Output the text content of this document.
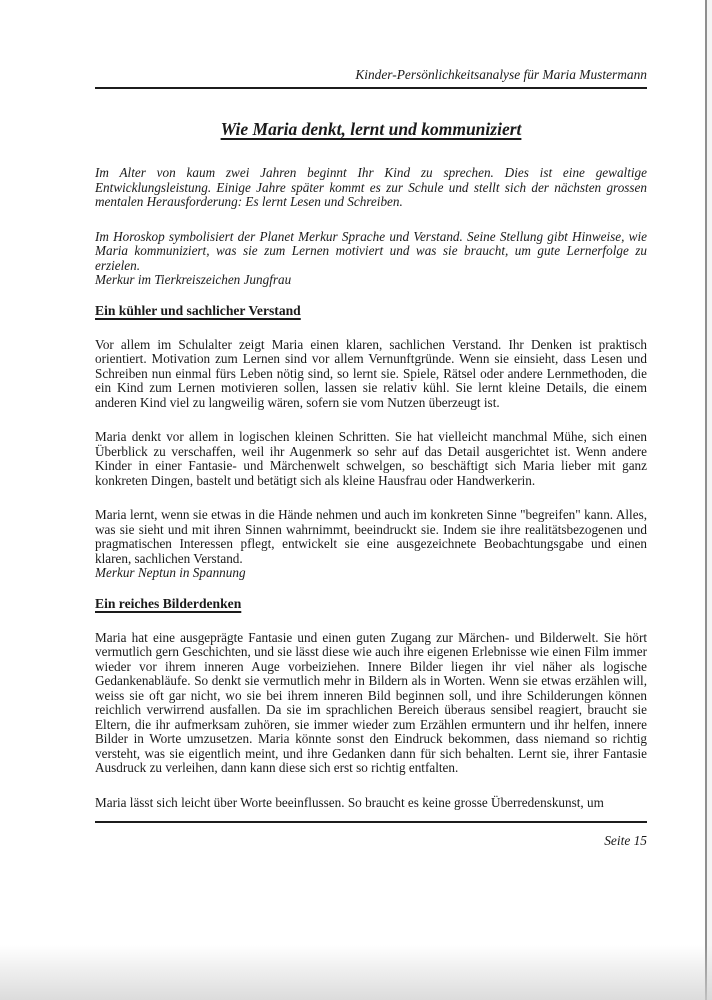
Kinder-Persönlichkeitsanalyse für Maria Mustermann
Wie Maria denkt, lernt und kommuniziert

Im Alter von kaum zwei Jahren beginnt Ihr Kind zu sprechen. Dies ist eine gewaltige Entwicklungsleistung. Einige Jahre später kommt es zur Schule und stellt sich der nächsten grossen mentalen Herausforderung: Es lernt Lesen und Schreiben.

Im Horoskop symbolisiert der Planet Merkur Sprache und Verstand. Seine Stellung gibt Hinweise, wie Maria kommuniziert, was sie zum Lernen motiviert und was sie braucht, um gute Lernerfolge zu erzielen.

Merkur im Tierkreiszeichen Jungfrau

Ein kühler und sachlicher Verstand

Vor allem im Schulalter zeigt Maria einen klaren, sachlichen Verstand. Ihr Denken ist praktisch orientiert. Motivation zum Lernen sind vor allem Vernunftgründe. Wenn sie einsieht, dass Lesen und Schreiben nun einmal fürs Leben nötig sind, so lernt sie. Spiele, Rätsel oder andere Lernmethoden, die ein Kind zum Lernen motivieren sollen, lassen sie relativ kühl. Sie lernt kleine Details, die einem anderen Kind viel zu langweilig wären, sofern sie vom Nutzen überzeugt ist.

Maria denkt vor allem in logischen kleinen Schritten. Sie hat vielleicht manchmal Mühe, sich einen Überblick zu verschaffen, weil ihr Augenmerk so sehr auf das Detail ausgerichtet ist. Wenn andere Kinder in einer Fantasie- und Märchenwelt schwelgen, so beschäftigt sich Maria lieber mit ganz konkreten Dingen, bastelt und betätigt sich als kleine Hausfrau oder Handwerkerin.

Maria lernt, wenn sie etwas in die Hände nehmen und auch im konkreten Sinne "begreifen" kann. Alles, was sie sieht und mit ihren Sinnen wahrnimmt, beeindruckt sie. Indem sie ihre realitätsbezogenen und pragmatischen Interessen pflegt, entwickelt sie eine ausgezeichnete Beobachtungsgabe und einen klaren, sachlichen Verstand.

Merkur Neptun in Spannung

Ein reiches Bilderdenken

Maria hat eine ausgeprägte Fantasie und einen guten Zugang zur Märchen- und Bilderwelt. Sie hört vermutlich gern Geschichten, und sie lässt diese wie auch ihre eigenen Erlebnisse wie einen Film immer wieder vor ihrem inneren Auge vorbeiziehen. Innere Bilder liegen ihr viel näher als logische Gedankenabläufe. So denkt sie vermutlich mehr in Bildern als in Worten. Wenn sie etwas erzählen will, weiss sie oft gar nicht, wo sie bei ihrem inneren Bild beginnen soll, und ihre Schilderungen können reichlich verwirrend ausfallen. Da sie im sprachlichen Bereich überaus sensibel reagiert, braucht sie Eltern, die ihr aufmerksam zuhören, sie immer wieder zum Erzählen ermuntern und ihr helfen, innere Bilder in Worte umzusetzen. Maria könnte sonst den Eindruck bekommen, dass niemand so richtig versteht, was sie eigentlich meint, und ihre Gedanken dann für sich behalten. Lernt sie, ihrer Fantasie Ausdruck zu verleihen, dann kann diese sich erst so richtig entfalten.

Maria lässt sich leicht über Worte beeinflussen. So braucht es keine grosse Überredenskunst, um

Seite 15
